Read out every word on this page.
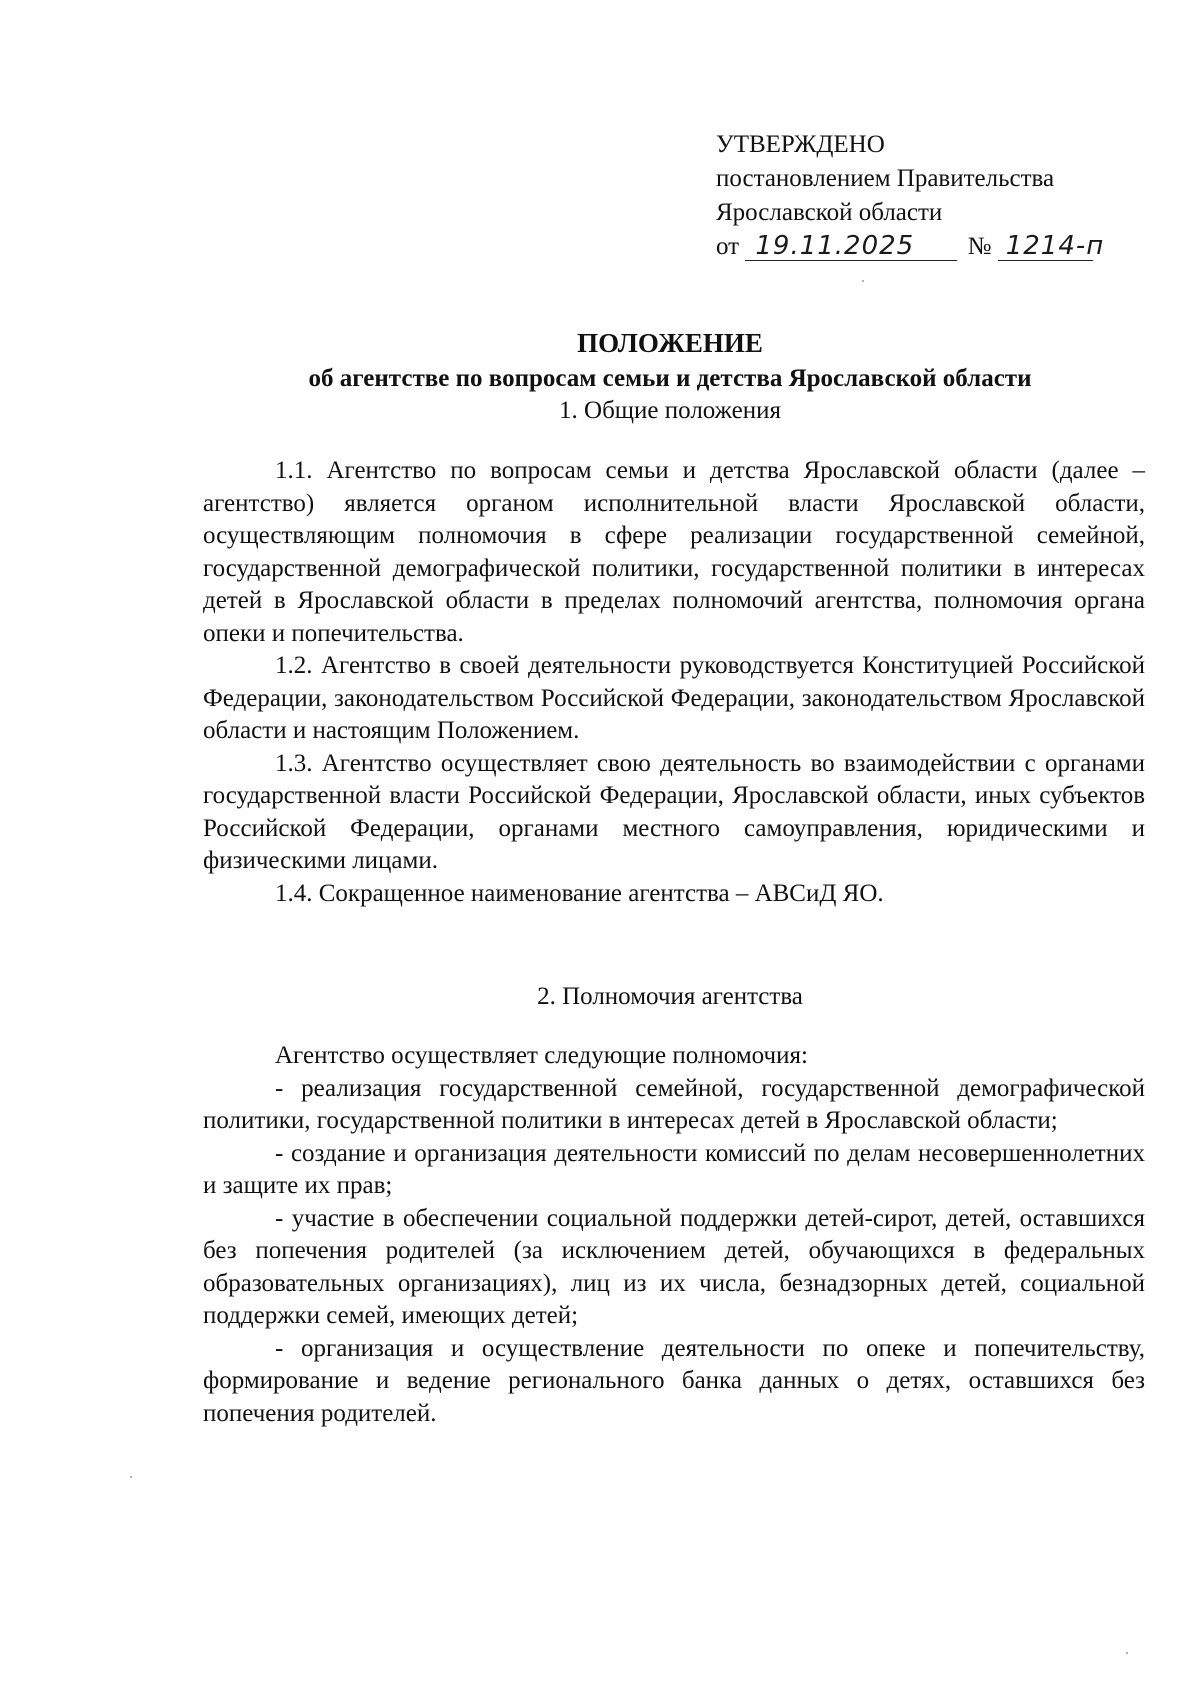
УТВЕРЖДЕНО
постановлением Правительства
Ярославской области
от 19.11.2025 № 1214-п
ПОЛОЖЕНИЕ
об агентстве по вопросам семьи и детства Ярославской области
1. Общие положения

1.1. Агентство по вопросам семьи и детства Ярославской области (далее – агентство) является органом исполнительной власти Ярославской области, осуществляющим полномочия в сфере реализации государственной семейной, государственной демографической политики, государственной политики в интересах детей в Ярославской области в пределах полномочий агентства, полномочия органа опеки и попечительства.

1.2. Агентство в своей деятельности руководствуется Конституцией Российской Федерации, законодательством Российской Федерации, законодательством Ярославской области и настоящим Положением.

1.3. Агентство осуществляет свою деятельность во взаимодействии с органами государственной власти Российской Федерации, Ярославской области, иных субъектов Российской Федерации, органами местного самоуправления, юридическими и физическими лицами.

1.4. Сокращенное наименование агентства – АВСиД ЯО.

2. Полномочия агентства

Агентство осуществляет следующие полномочия:

- реализация государственной семейной, государственной демографической политики, государственной политики в интересах детей в Ярославской области;

- создание и организация деятельности комиссий по делам несовершеннолетних и защите их прав;

- участие в обеспечении социальной поддержки детей-сирот, детей, оставшихся без попечения родителей (за исключением детей, обучающихся в федеральных образовательных организациях), лиц из их числа, безнадзорных детей, социальной поддержки семей, имеющих детей;

- организация и осуществление деятельности по опеке и попечительству, формирование и ведение регионального банка данных о детях, оставшихся без попечения родителей.
